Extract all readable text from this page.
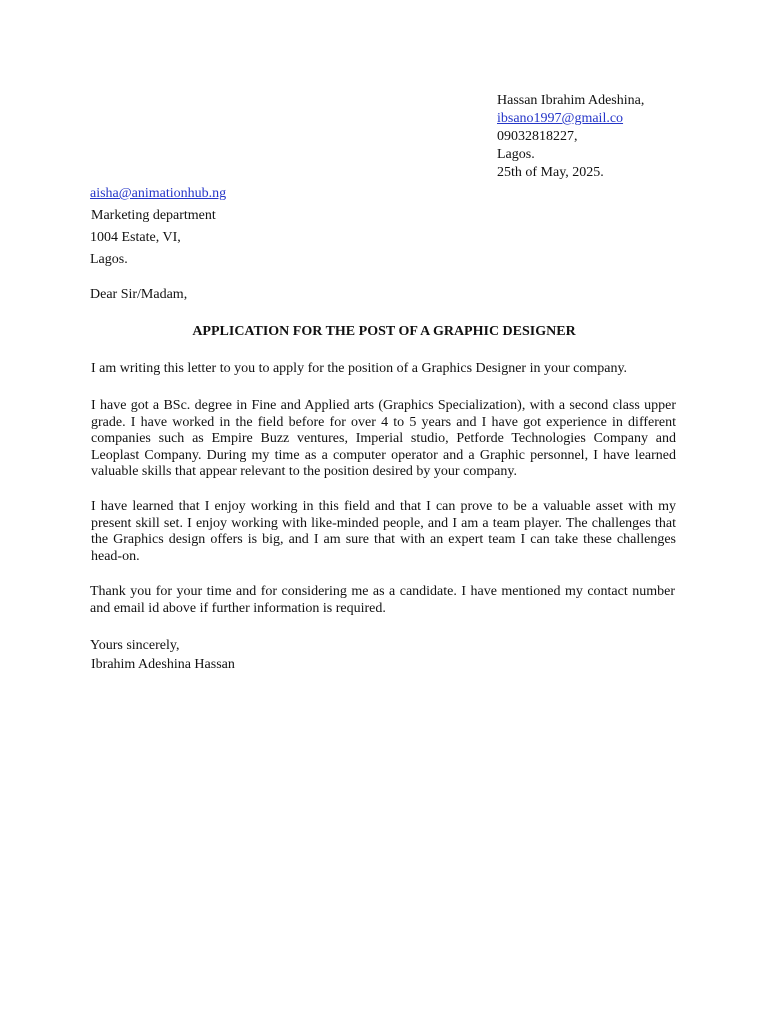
Hassan Ibrahim Adeshina,
ibsano1997@gmail.co
09032818227,
Lagos.
25th of May, 2025.
aisha@animationhub.ng
Marketing department
1004 Estate, VI,
Lagos.
Dear Sir/Madam,
APPLICATION FOR THE POST OF A GRAPHIC DESIGNER

I am writing this letter to you to apply for the position of a Graphics Designer in your company.

I have got a BSc. degree in Fine and Applied arts (Graphics Specialization), with a second class upper grade. I have worked in the field before for over 4 to 5 years and I have got experience in different companies such as Empire Buzz ventures, Imperial studio, Petforde Technologies Company and Leoplast Company. During my time as a computer operator and a Graphic personnel, I have learned valuable skills that appear relevant to the position desired by your company.

I have learned that I enjoy working in this field and that I can prove to be a valuable asset with my present skill set. I enjoy working with like-minded people, and I am a team player. The challenges that the Graphics design offers is big, and I am sure that with an expert team I can take these challenges head-on.

Thank you for your time and for considering me as a candidate. I have mentioned my contact number and email id above if further information is required.

Yours sincerely,
Ibrahim Adeshina Hassan
